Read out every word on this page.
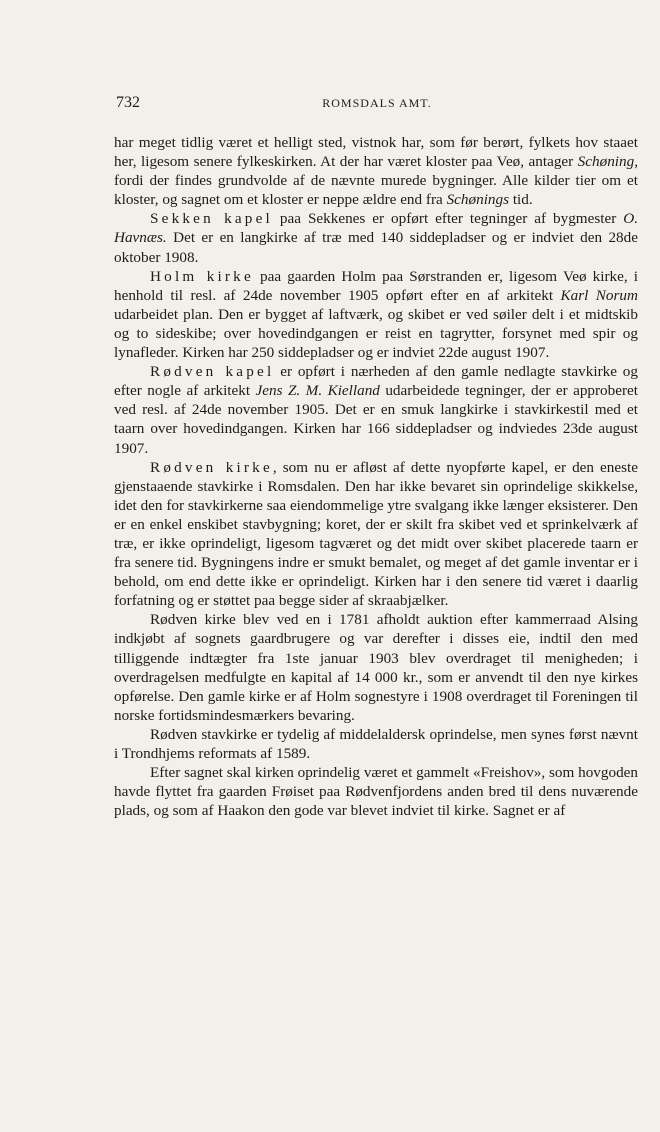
732	ROMSDALS AMT.

har meget tidlig været et helligt sted, vistnok har, som før berørt, fylkets hov staaet her, ligesom senere fylkeskirken. At der har været kloster paa Veø, antager Schøning, fordi der findes grundvolde af de nævnte murede bygninger. Alle kilder tier om et kloster, og sagnet om et kloster er neppe ældre end fra Schønings tid.

Sekken kapel paa Sekkenes er opført efter tegninger af bygmester O. Havnæs. Det er en langkirke af træ med 140 siddepladser og er indviet den 28de oktober 1908.

Holm kirke paa gaarden Holm paa Sørstranden er, ligesom Veø kirke, i henhold til resl. af 24de november 1905 opført efter en af arkitekt Karl Norum udarbeidet plan. Den er bygget af laftværk, og skibet er ved søiler delt i et midtskib og to sideskibe; over hovedindgangen er reist en tagrytter, forsynet med spir og lynafleder. Kirken har 250 siddepladser og er indviet 22de august 1907.

Rødven kapel er opført i nærheden af den gamle nedlagte stavkirke og efter nogle af arkitekt Jens Z. M. Kielland udarbeidede tegninger, der er approberet ved resl. af 24de november 1905. Det er en smuk langkirke i stavkirkestil med et taarn over hovedindgangen. Kirken har 166 siddepladser og indviedes 23de august 1907.

Rødven kirke, som nu er afløst af dette nyopførte kapel, er den eneste gjenstaaende stavkirke i Romsdalen. Den har ikke bevaret sin oprindelige skikkelse, idet den for stavkirkerne saa eiendommelige ytre svalgang ikke længer eksisterer. Den er en enkel enskibet stavbygning; koret, der er skilt fra skibet ved et sprinkelværk af træ, er ikke oprindeligt, ligesom tagværet og det midt over skibet placerede taarn er fra senere tid. Bygningens indre er smukt bemalet, og meget af det gamle inventar er i behold, om end dette ikke er oprindeligt. Kirken har i den senere tid været i daarlig forfatning og er støttet paa begge sider af skraabjælker.

Rødven kirke blev ved en i 1781 afholdt auktion efter kammerraad Alsing indkjøbt af sognets gaardbrugere og var derefter i disses eie, indtil den med tilliggende indtægter fra 1ste januar 1903 blev overdraget til menigheden; i overdragelsen medfulgte en kapital af 14 000 kr., som er anvendt til den nye kirkes opførelse. Den gamle kirke er af Holm sognestyre i 1908 overdraget til Foreningen til norske fortidsmindesmærkers bevaring.

Rødven stavkirke er tydelig af middelaldersk oprindelse, men synes først nævnt i Trondhjems reformats af 1589.

Efter sagnet skal kirken oprindelig været et gammelt «Freishov», som hovgoden havde flyttet fra gaarden Frøiset paa Rødvenfjordens anden bred til dens nuværende plads, og som af Haakon den gode var blevet indviet til kirke. Sagnet er af
